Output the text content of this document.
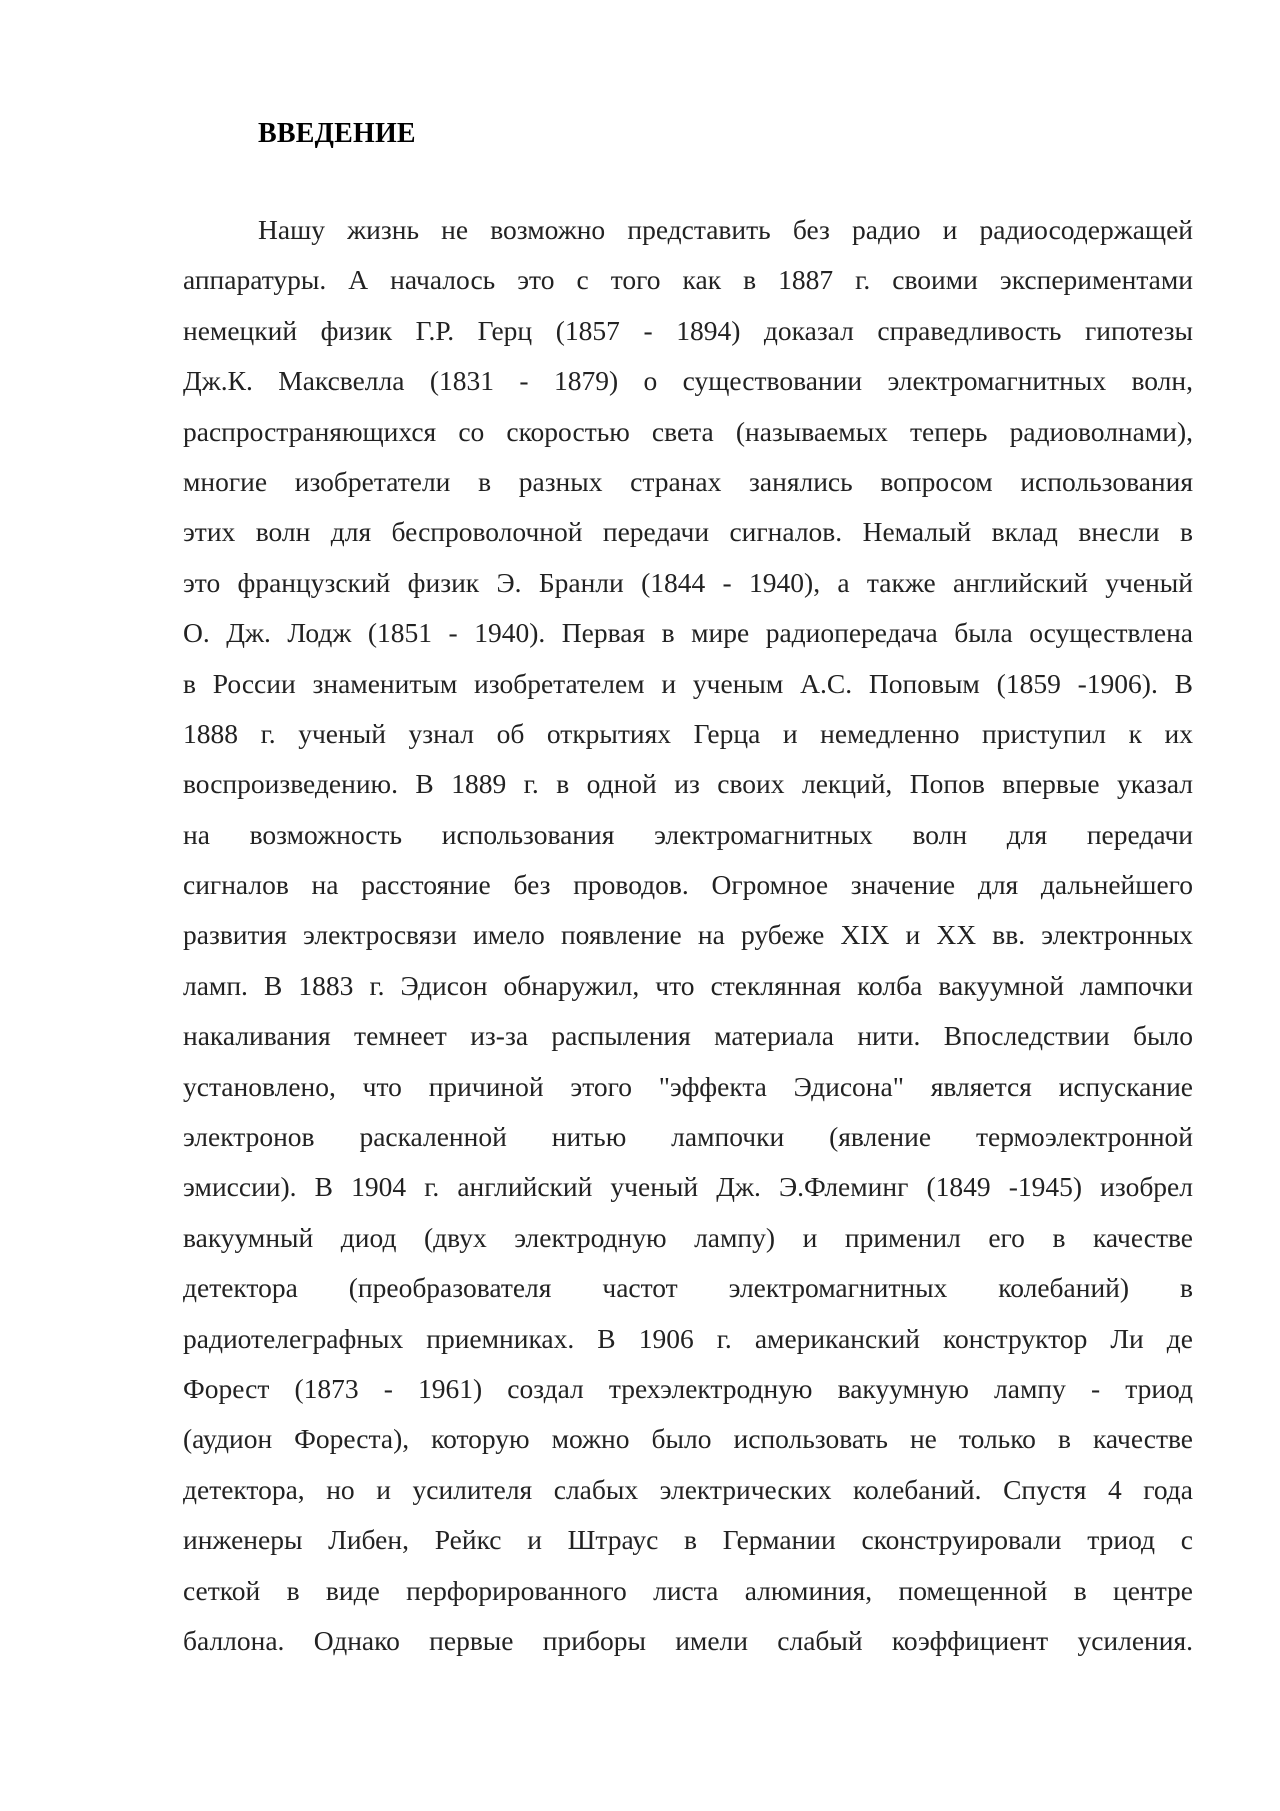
ВВЕДЕНИЕ
Нашу жизнь не возможно представить без радио и радиосодержащей
аппаратуры. А началось это с того как в 1887 г. своими экспериментами
немецкий физик Г.Р. Герц (1857 - 1894) доказал справедливость гипотезы
Дж.К. Максвелла (1831 - 1879) о существовании электромагнитных волн,
распространяющихся со скоростью света (называемых теперь радиоволнами),
многие изобретатели в разных странах занялись вопросом использования
этих волн для беспроволочной передачи сигналов. Немалый вклад внесли в
это французский физик Э. Бранли (1844 - 1940), а также английский ученый
О. Дж. Лодж (1851 - 1940). Первая в мире радиопередача была осуществлена
в России знаменитым изобретателем и ученым А.С. Поповым (1859 -1906). В
1888 г. ученый узнал об открытиях Герца и немедленно приступил к их
воспроизведению. В 1889 г. в одной из своих лекций, Попов впервые указал
на возможность использования электромагнитных волн для передачи
сигналов на расстояние без проводов. Огромное значение для дальнейшего
развития электросвязи имело появление на рубеже XIX и XX вв. электронных
ламп. В 1883 г. Эдисон обнаружил, что стеклянная колба вакуумной лампочки
накаливания темнеет из-за распыления материала нити. Впоследствии было
установлено, что причиной этого "эффекта Эдисона" является испускание
электронов раскаленной нитью лампочки (явление термоэлектронной
эмиссии). В 1904 г. английский ученый Дж. Э.Флеминг (1849 -1945) изобрел
вакуумный диод (двух электродную лампу) и применил его в качестве
детектора (преобразователя частот электромагнитных колебаний) в
радиотелеграфных приемниках. В 1906 г. американский конструктор Ли де
Форест (1873 - 1961) создал трехэлектродную вакуумную лампу - триод
(аудион Фореста), которую можно было использовать не только в качестве
детектора, но и усилителя слабых электрических колебаний. Спустя 4 года
инженеры Либен, Рейкс и Штраус в Германии сконструировали триод с
сеткой в виде перфорированного листа алюминия, помещенной в центре
баллона. Однако первые приборы имели слабый коэффициент усиления.
